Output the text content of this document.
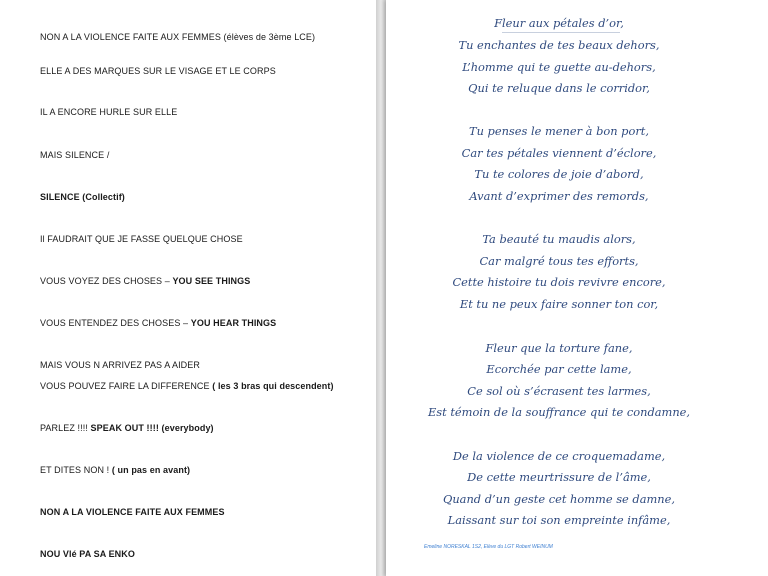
NON A LA VIOLENCE FAITE AUX FEMMES (élèves de 3ème LCE)
ELLE A DES MARQUES SUR LE VISAGE ET LE CORPS
IL A ENCORE HURLE SUR ELLE
MAIS SILENCE /
SILENCE (Collectif)
Il FAUDRAIT QUE JE FASSE QUELQUE CHOSE
VOUS VOYEZ DES CHOSES – YOU SEE THINGS
VOUS ENTENDEZ DES CHOSES – YOU HEAR THINGS
MAIS VOUS N ARRIVEZ PAS A AIDER
VOUS POUVEZ FAIRE LA DIFFERENCE ( les 3 bras qui descendent)
PARLEZ !!!! SPEAK OUT !!!! (everybody)
ET DITES NON ! ( un pas en avant)
NON A LA VIOLENCE FAITE AUX FEMMES
NOU Vlé PA SA ENKO
Fleur aux pétales d’or,
Tu enchantes de tes beaux dehors,
L’homme qui te guette au-dehors,
Qui te reluque dans le corridor,
Tu penses le mener à bon port,
Car tes pétales viennent d’éclore,
Tu te colores de joie d’abord,
Avant d’exprimer des remords,
Ta beauté tu maudis alors,
Car malgré tous tes efforts,
Cette histoire tu dois revivre encore,
Et tu ne peux faire sonner ton cor,
Fleur que la torture fane,
Ecorchée par cette lame,
Ce sol où s’écrasent tes larmes,
Est témoin de la souffrance qui te condamne,
De la violence de ce croquemadame,
De cette meurtrissure de l’âme,
Quand d’un geste cet homme se damne,
Laissant sur toi son empreinte infâme,
Emeline NORESKAL 1S2, Elève du LGT Robert WEINUM
